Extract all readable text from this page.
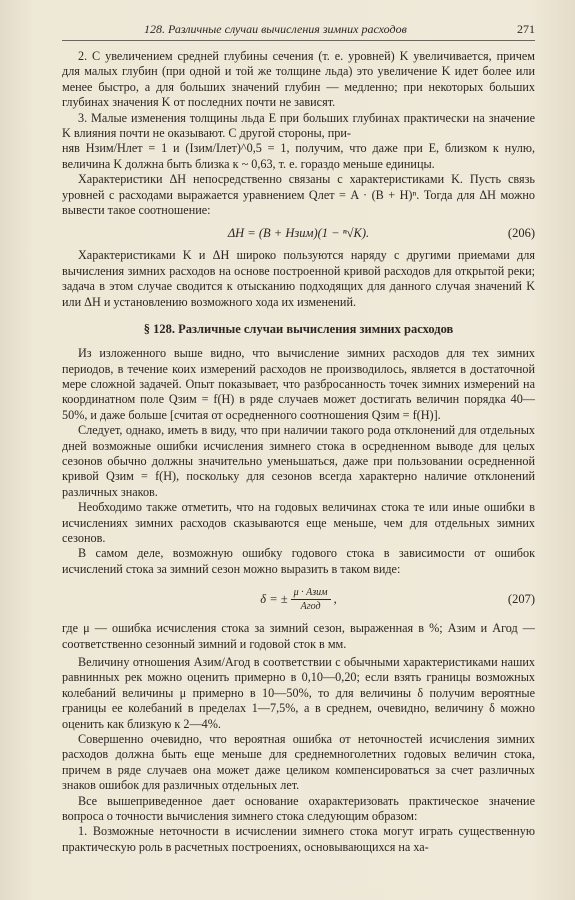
128. Различные случаи вычисления зимних расходов	271

2. С увеличением средней глубины сечения (т. е. уровней) K увеличивается, причем для малых глубин (при одной и той же толщине льда) это увеличение K идет более или менее быстро, а для больших значений глубин — медленно; при некоторых больших глубинах значения K от последних почти не зависят.

3. Малые изменения толщины льда E при больших глубинах практически на значение K влияния почти не оказывают. С другой стороны, при-

няв Hзим/Hлет = 1 и (Iзим/Iлет)^0,5 = 1, получим, что даже при E, близком к нулю, величина K должна быть близка к ~ 0,63, т. е. гораздо меньше единицы.

Характеристики ΔH непосредственно связаны с характеристиками K. Пусть связь уровней с расходами выражается уравнением Qлет = A · (B + H)ⁿ. Тогда для ΔH можно вывести такое соотношение:

ΔH = (B + Hзим)(1 − ⁿ√K).	(206)

Характеристиками K и ΔH широко пользуются наряду с другими приемами для вычисления зимних расходов на основе построенной кривой расходов для открытой реки; задача в этом случае сводится к отысканию подходящих для данного случая значений K или ΔH и установлению возможного хода их изменений.

§ 128. Различные случаи вычисления зимних расходов

Из изложенного выше видно, что вычисление зимних расходов для тех зимних периодов, в течение коих измерений расходов не производилось, является в достаточной мере сложной задачей. Опыт показывает, что разбросанность точек зимних измерений на координатном поле Qзим = f(H) в ряде случаев может достигать величин порядка 40—50%, и даже больше [считая от осредненного соотношения Qзим = f(H)].

Следует, однако, иметь в виду, что при наличии такого рода отклонений для отдельных дней возможные ошибки исчисления зимнего стока в осредненном выводе для целых сезонов обычно должны значительно уменьшаться, даже при пользовании осредненной кривой Qзим = f(H), поскольку для сезонов всегда характерно наличие отклонений различных знаков.

Необходимо также отметить, что на годовых величинах стока те или иные ошибки в исчислениях зимних расходов сказываются еще меньше, чем для отдельных зимних сезонов.

В самом деле, возможную ошибку годового стока в зависимости от ошибок исчислений стока за зимний сезон можно выразить в таком виде:

δ = ± $\frac{\text{μ · Aзим}}{\text{Aгод}}$ ,	(207)

где μ — ошибка исчисления стока за зимний сезон, выраженная в %; Aзим и Aгод — соответственно сезонный зимний и годовой сток в мм.

Величину отношения Aзим/Aгод в соответствии с обычными характеристиками наших равнинных рек можно оценить примерно в 0,10—0,20; если взять границы возможных колебаний величины μ примерно в 10—50%, то для величины δ получим вероятные границы ее колебаний в пределах 1—7,5%, а в среднем, очевидно, величину δ можно оценить как близкую к 2—4%.

Совершенно очевидно, что вероятная ошибка от неточностей исчисления зимних расходов должна быть еще меньше для среднемноголетних годовых величин стока, причем в ряде случаев она может даже целиком компенсироваться за счет различных знаков ошибок для различных отдельных лет.

Все вышеприведенное дает основание охарактеризовать практическое значение вопроса о точности вычисления зимнего стока следующим образом:

1. Возможные неточности в исчислении зимнего стока могут играть существенную практическую роль в расчетных построениях, основывающихся на ха-
